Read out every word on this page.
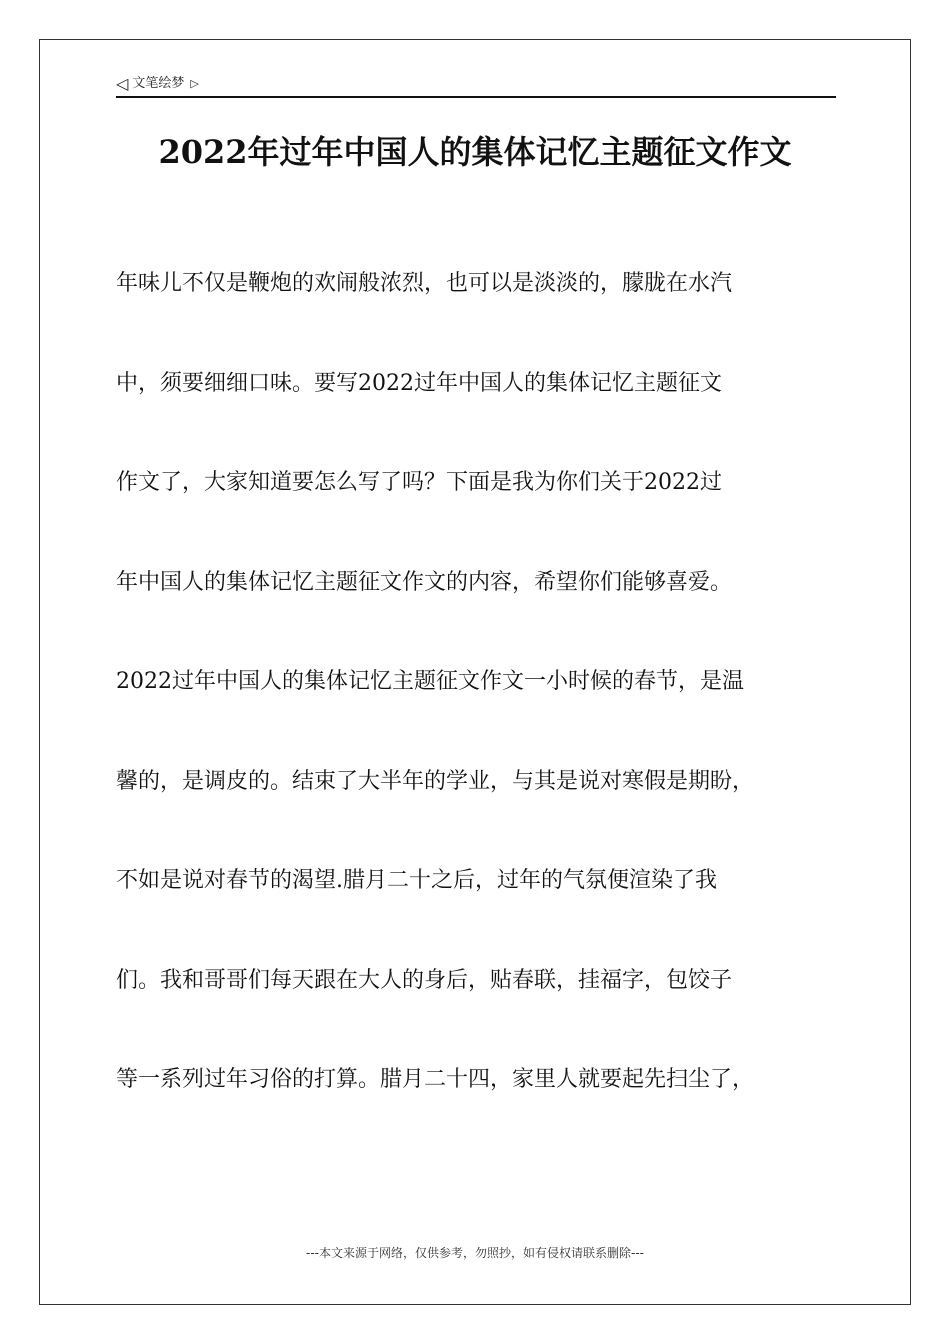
◁ 文笔绘梦 ▷
2022年过年中国人的集体记忆主题征文作文
年味儿不仅是鞭炮的欢闹般浓烈，也可以是淡淡的，朦胧在水汽
中，须要细细口味。要写2022过年中国人的集体记忆主题征文
作文了，大家知道要怎么写了吗？下面是我为你们关于2022过
年中国人的集体记忆主题征文作文的内容，希望你们能够喜爱。
2022过年中国人的集体记忆主题征文作文一小时候的春节，是温
馨的，是调皮的。结束了大半年的学业，与其是说对寒假是期盼，
不如是说对春节的渴望.腊月二十之后，过年的气氛便渲染了我
们。我和哥哥们每天跟在大人的身后，贴春联，挂福字，包饺子
等一系列过年习俗的打算。腊月二十四，家里人就要起先扫尘了，
---本文来源于网络，仅供参考，勿照抄，如有侵权请联系删除---
